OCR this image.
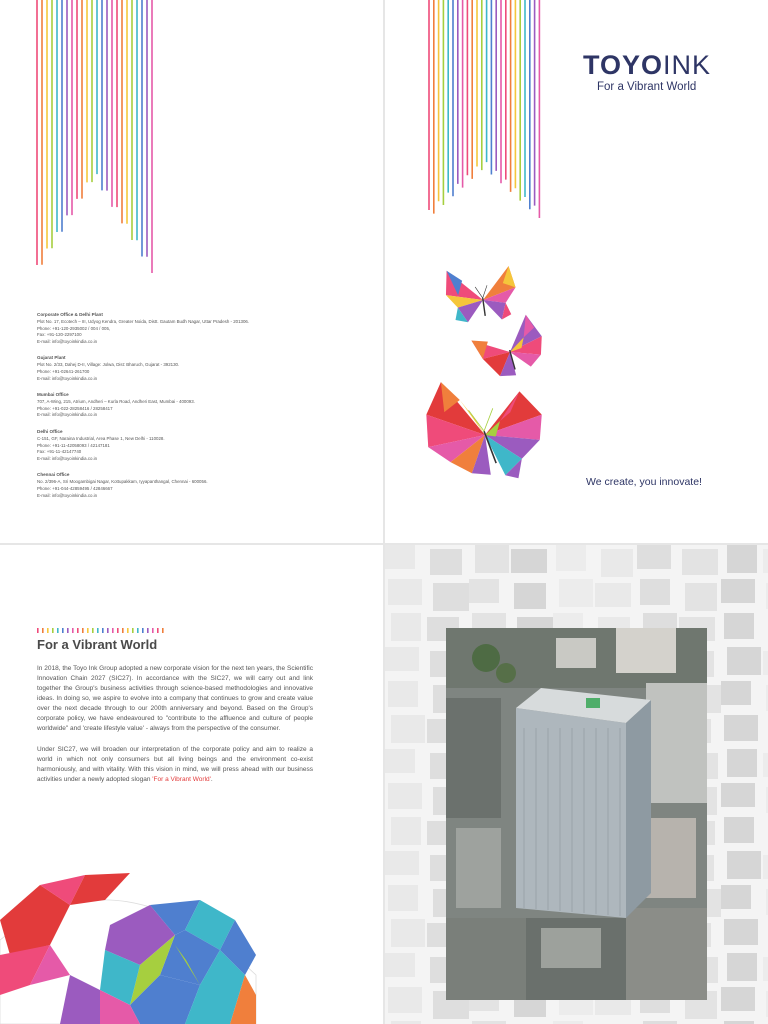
Corporate Office & Delhi Plant
Plot No. 17, Ecotech – III, Udyog Kendra, Greater Noida, Distt. Gautam Budh Nagar, Uttar Pradesh - 201306.
Phone: +91-120-2935002 / 004 / 005,
Fax: +91-120-2297100
E-mail: info@toyoinkindia.co.in
Gujarat Plant
Plot No. 2/33, Dahej D-II, Village: Jolwa, Dist: Bharuch, Gujarat - 392130.
Phone: +91-02641-261700
E-mail: info@toyoinkindia.co.in
Mumbai Office
707, A-Wing, 215, Atrium, Andheri – Kurla Road, Andheri East, Mumbai - 400093.
Phone: +91-022-28258416 / 28258417
E-mail: info@toyoinkindia.co.in
Delhi Office
C-151, GF, Naraina Industrial, Area Phase 1, New Delhi - 110028.
Phone: +91-11-42058093 / 42147181
Fax: +91-11-42147740
E-mail: info@toyoinkindia.co.in
Chennai Office
No. 2/396-A, Sri Moogambigai Nagar, Kottupakkam, Iyyapanthangal, Chennai - 600056.
Phone: +91-044-42859495 / 42846667
E-mail: info@toyoinkindia.co.in
TOYO INK
For a Vibrant World
We create, you innovate!
For a Vibrant World

In 2018, the Toyo Ink Group adopted a new corporate vision for the next ten years, the Scientific Innovation Chain 2027 (SIC27). In accordance with the SIC27, we will carry out and link together the Group's business activities through science-based methodologies and innovative ideas. In doing so, we aspire to evolve into a company that continues to grow and create value over the next decade through to our 200th anniversary and beyond. Based on the Group's corporate policy, we have endeavoured to "contribute to the affluence and culture of people worldwide" and 'create lifestyle value' - always from the perspective of the consumer.

Under SIC27, we will broaden our interpretation of the corporate policy and aim to realize a world in which not only consumers but all living beings and the environment co-exist harmoniously, and with vitality. With this vision in mind, we will press ahead with our business activities under a newly adopted slogan 'For a Vibrant World'.
